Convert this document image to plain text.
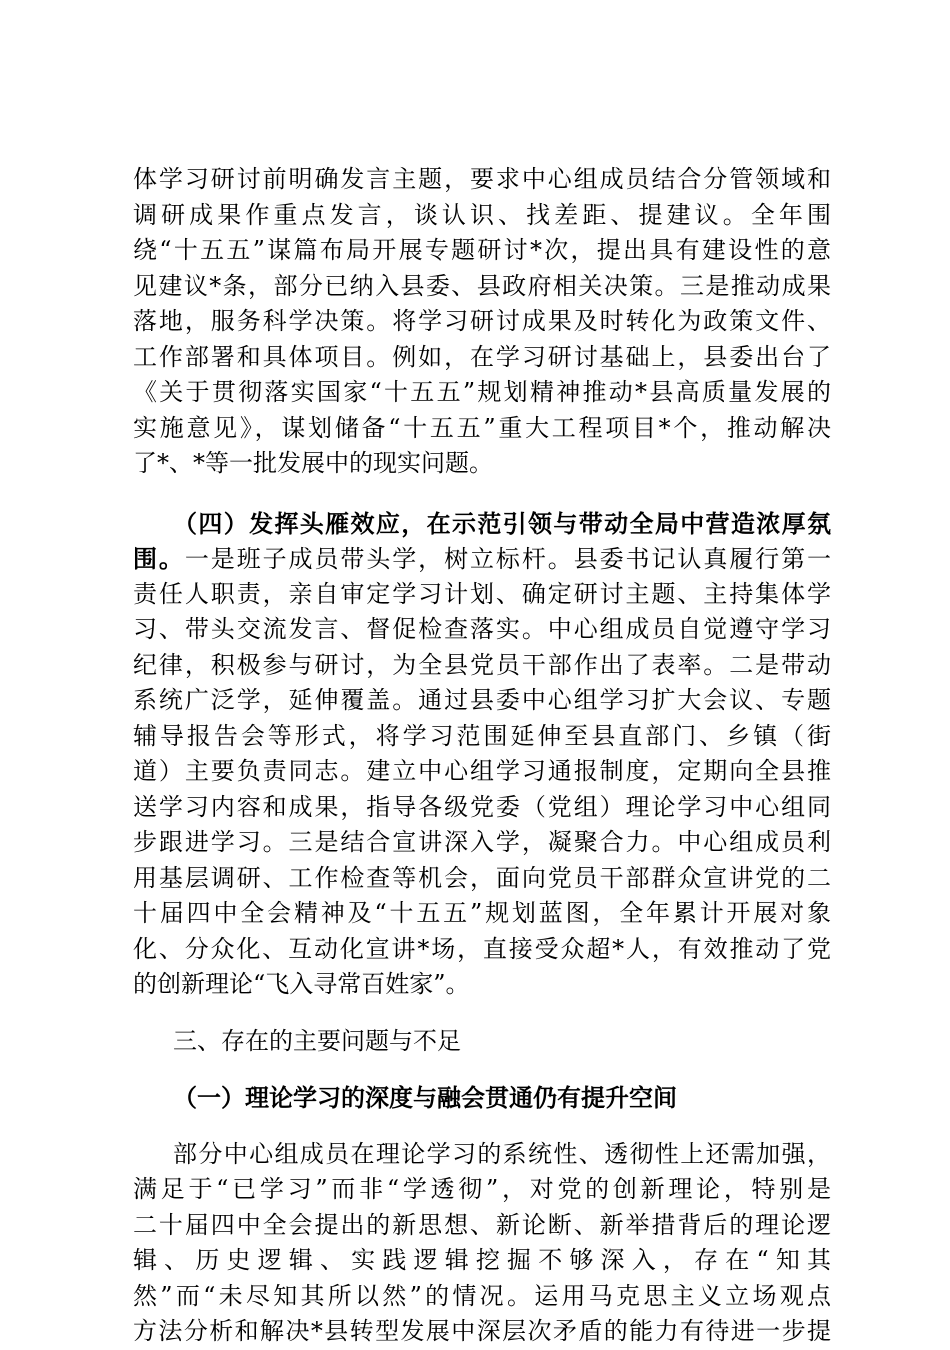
体学习研讨前明确发言主题，要求中心组成员结合分管领域和
调研成果作重点发言，谈认识、找差距、提建议。全年围
绕“十五五”谋篇布局开展专题研讨*次，提出具有建设性的意
见建议*条，部分已纳入县委、县政府相关决策。三是推动成果
落地，服务科学决策。将学习研讨成果及时转化为政策文件、
工作部署和具体项目。例如，在学习研讨基础上，县委出台了
《关于贯彻落实国家“十五五”规划精神推动*县高质量发展的
实施意见》，谋划储备“十五五”重大工程项目*个，推动解决
了*、*等一批发展中的现实问题。
（四）发挥头雁效应，在示范引领与带动全局中营造浓厚氛
围。一是班子成员带头学，树立标杆。县委书记认真履行第一
责任人职责，亲自审定学习计划、确定研讨主题、主持集体学
习、带头交流发言、督促检查落实。中心组成员自觉遵守学习
纪律，积极参与研讨，为全县党员干部作出了表率。二是带动
系统广泛学，延伸覆盖。通过县委中心组学习扩大会议、专题
辅导报告会等形式，将学习范围延伸至县直部门、乡镇（街
道）主要负责同志。建立中心组学习通报制度，定期向全县推
送学习内容和成果，指导各级党委（党组）理论学习中心组同
步跟进学习。三是结合宣讲深入学，凝聚合力。中心组成员利
用基层调研、工作检查等机会，面向党员干部群众宣讲党的二
十届四中全会精神及“十五五”规划蓝图，全年累计开展对象
化、分众化、互动化宣讲*场，直接受众超*人，有效推动了党
的创新理论“飞入寻常百姓家”。
三、存在的主要问题与不足
（一）理论学习的深度与融会贯通仍有提升空间
部分中心组成员在理论学习的系统性、透彻性上还需加强，
满足于“已学习”而非“学透彻”，对党的创新理论，特别是
二十届四中全会提出的新思想、新论断、新举措背后的理论逻
辑、历史逻辑、实践逻辑挖掘不够深入，存在“知其
然”而“未尽知其所以然”的情况。运用马克思主义立场观点
方法分析和解决*县转型发展中深层次矛盾的能力有待进一步提
